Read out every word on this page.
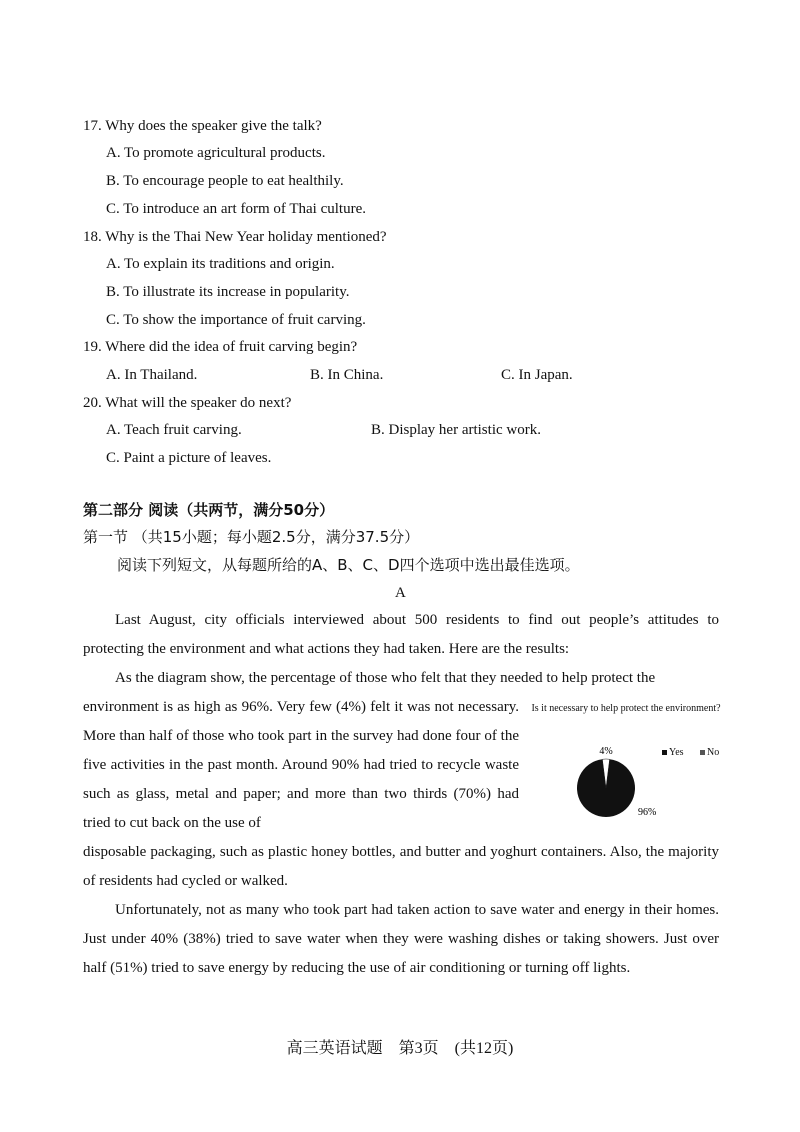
17. Why does the speaker give the talk?
A. To promote agricultural products.
B. To encourage people to eat healthily.
C. To introduce an art form of Thai culture.
18. Why is the Thai New Year holiday mentioned?
A. To explain its traditions and origin.
B. To illustrate its increase in popularity.
C. To show the importance of fruit carving.
19. Where did the idea of fruit carving begin?
A. In Thailand.	B. In China.	C. In Japan.
20. What will the speaker do next?
A. Teach fruit carving.	B. Display her artistic work.
C. Paint a picture of leaves.
第二部分 阅读（共两节，满分50分）
第一节 （共15小题；每小题2.5分，满分37.5分）
阅读下列短文，从每题所给的A、B、C、D四个选项中选出最佳选项。
A
Last August, city officials interviewed about 500 residents to find out people’s attitudes to protecting the environment and what actions they had taken. Here are the results:
As the diagram show, the percentage of those who felt that they needed to help protect the
environment is as high as 96%. Very few (4%) felt it was not necessary. More than half of those who took part in the survey had done four of the five activities in the past month. Around 90% had tried to recycle waste such as glass, metal and paper; and more than two thirds (70%) had tried to cut back on the use of
disposable packaging, such as plastic honey bottles, and butter and yoghurt containers. Also, the majority of residents had cycled or walked.
Unfortunately, not as many who took part had taken action to save water and energy in their homes. Just under 40% (38%) tried to save water when they were washing dishes or taking showers. Just over half (51%) tried to save energy by reducing the use of air conditioning or turning off lights.
Is it necessary to help protect the environment?
Yes	No
4%
96%
高三英语试题　第3页　(共12页)
